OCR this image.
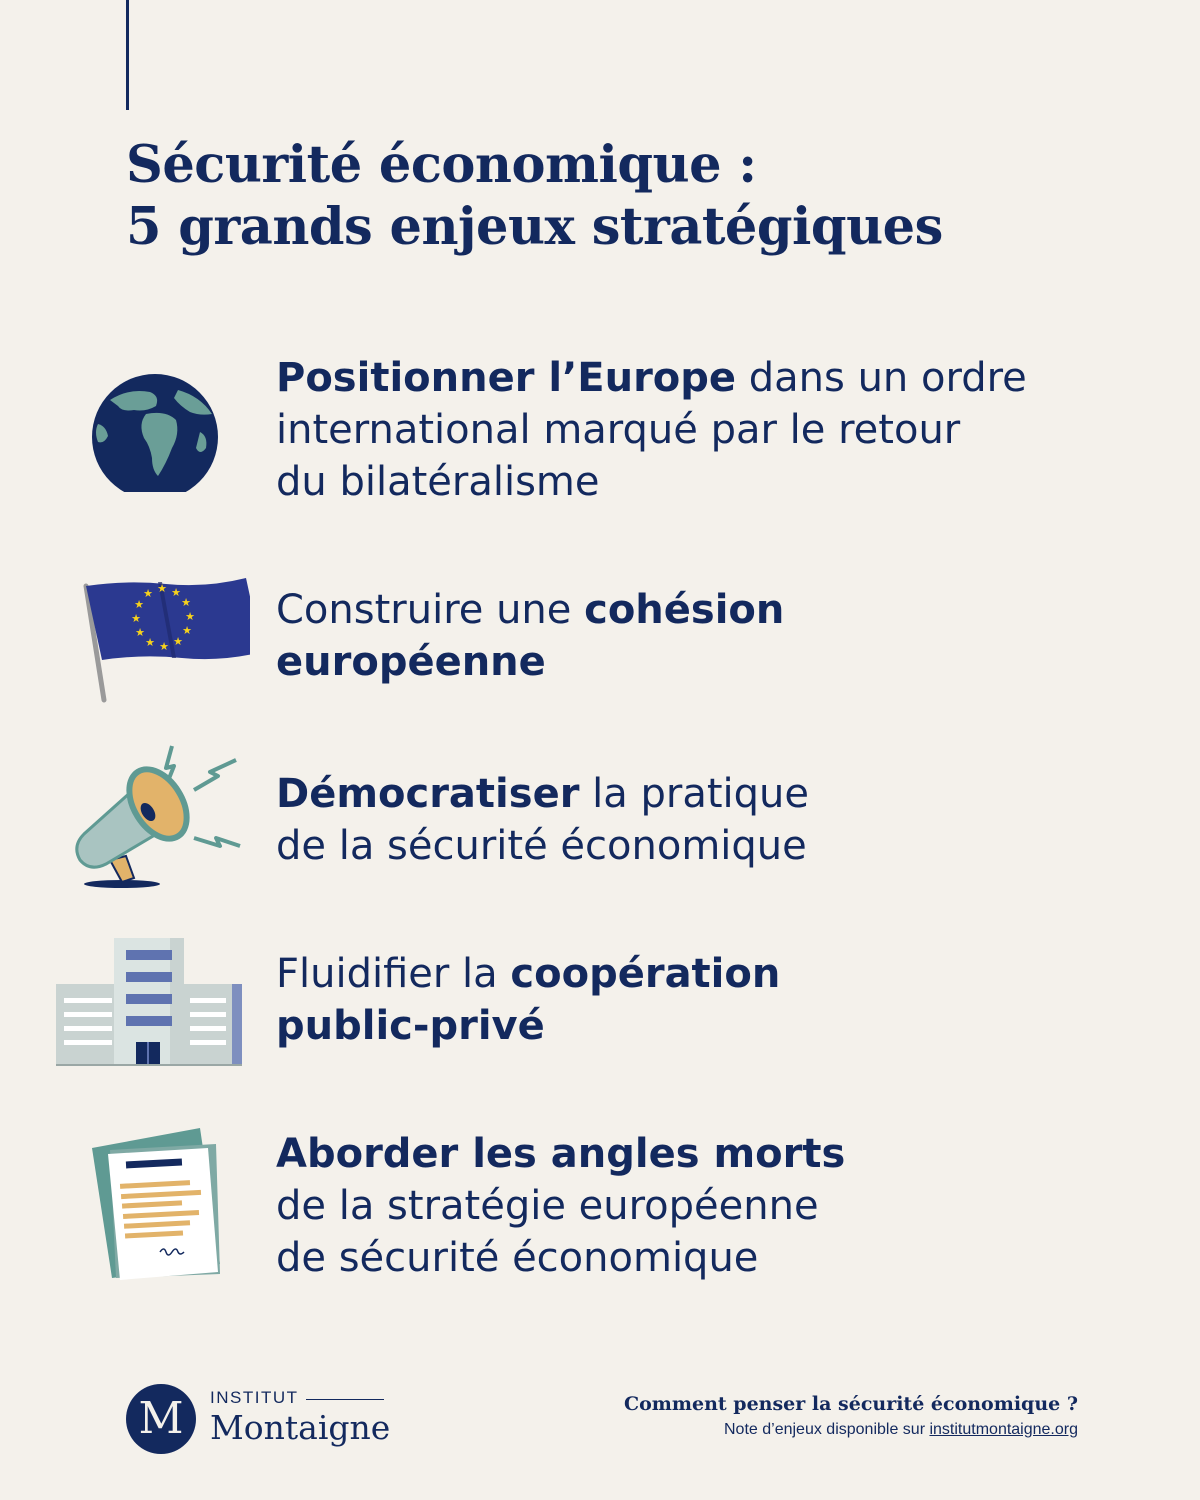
Sécurité économique :
5 grands enjeux stratégiques
Positionner l’Europe dans un ordre
international marqué par le retour
du bilatéralisme
★ ★
★
★
★
★
★
★
★
★
★
★	Construire une cohésion
européenne
Démocratiser la pratique
de la sécurité économique
Fluidifier la coopération
public-privé
Aborder les angles morts
de la stratégie européenne
de sécurité économique
M	INSTITUT
Montaigne
Comment penser la sécurité économique ?
Note d’enjeux disponible sur institutmontaigne.org
